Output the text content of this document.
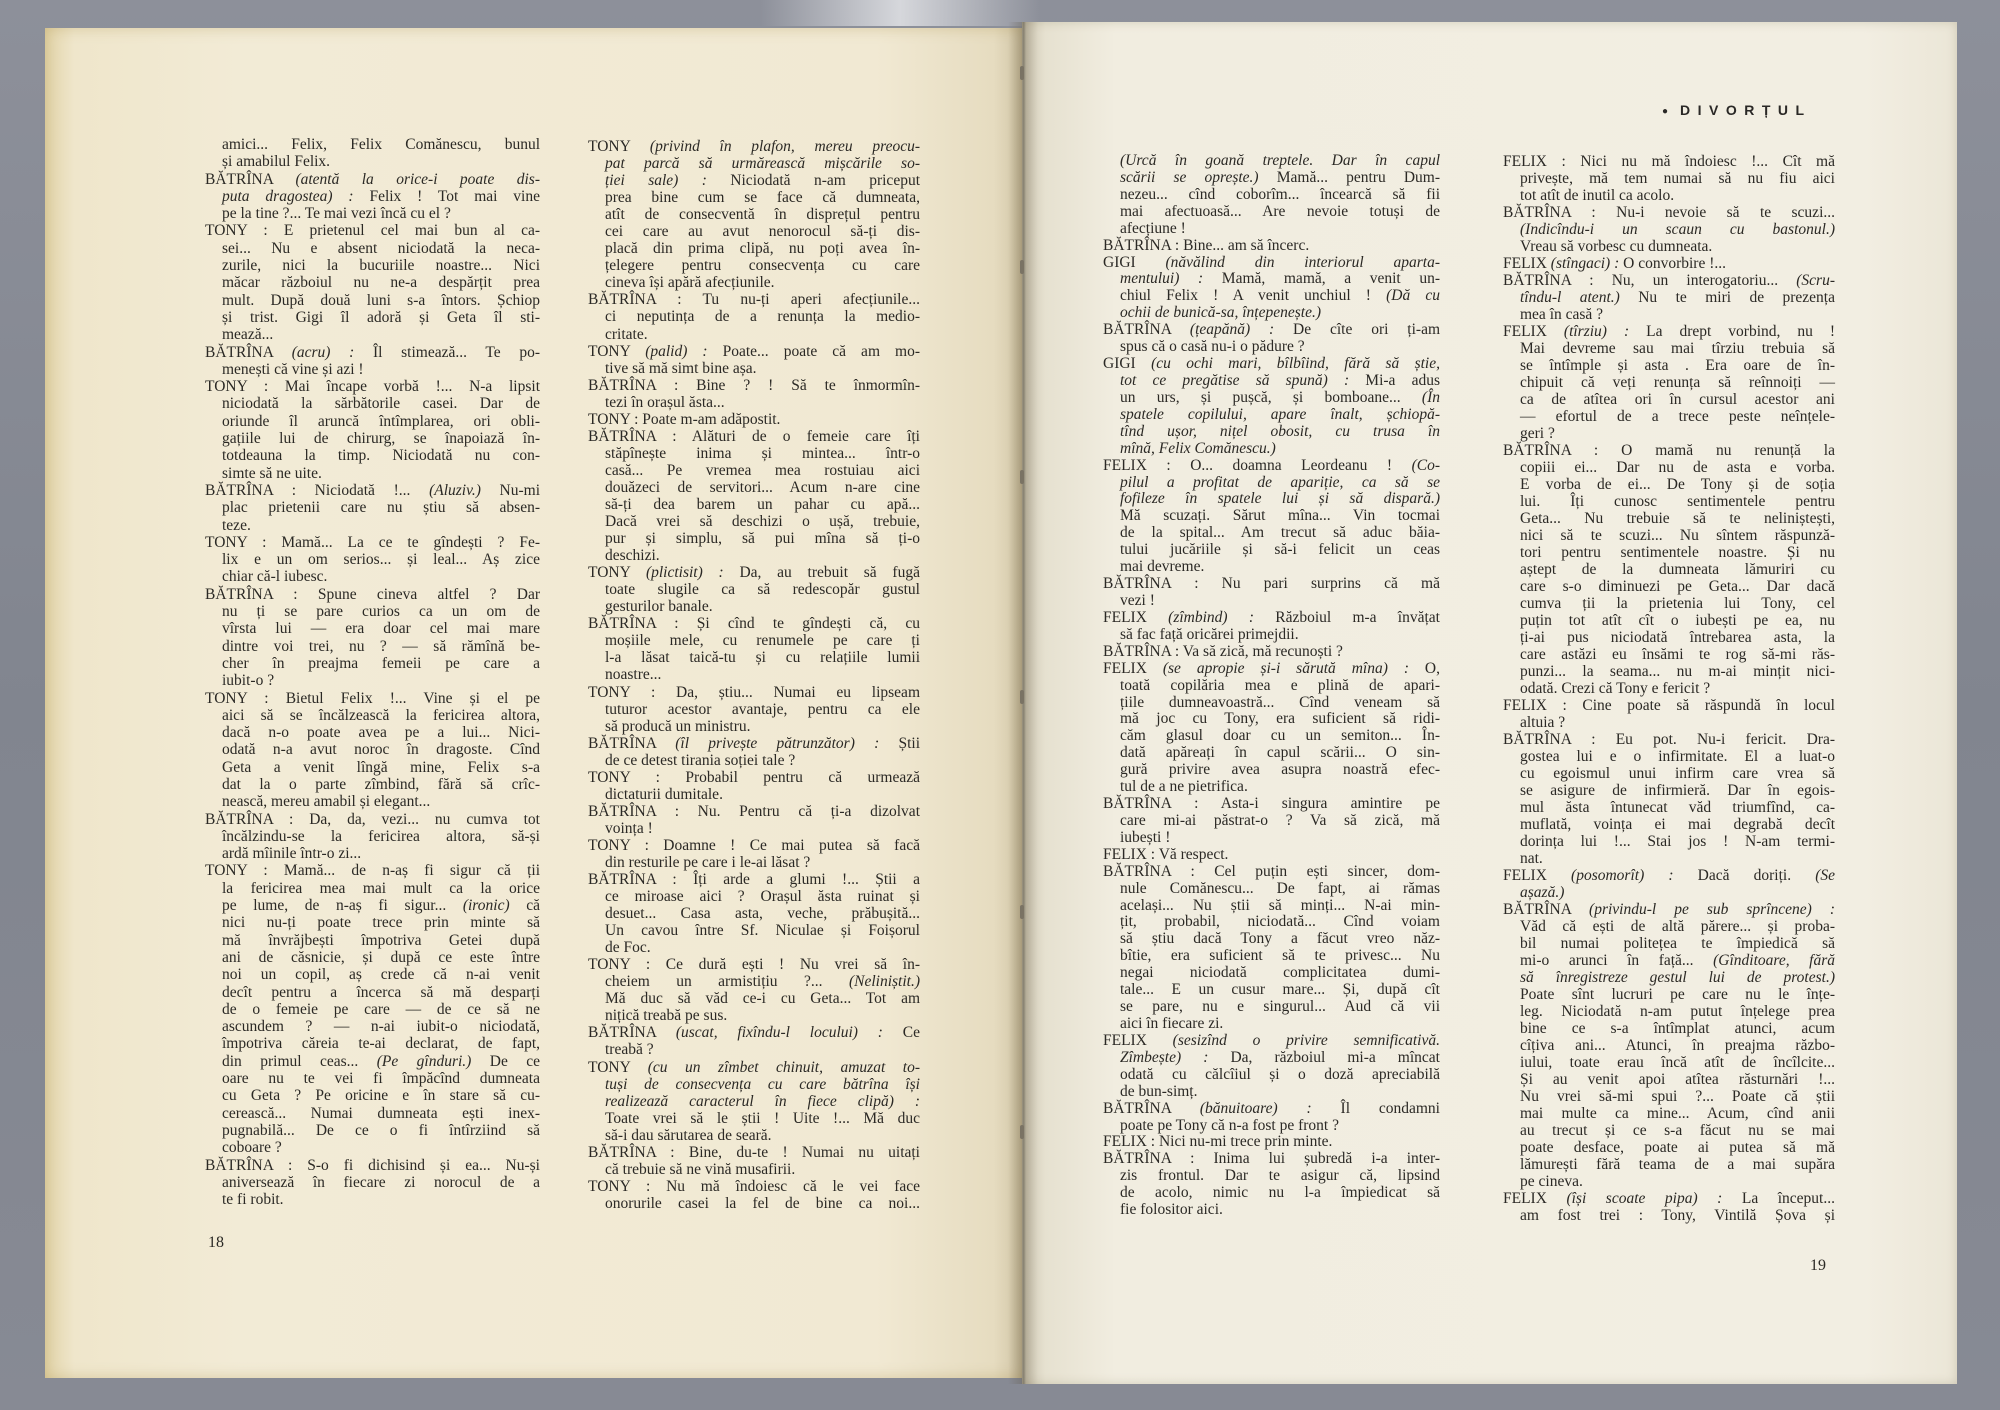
● DIVORȚUL
amici... Felix, Felix Comănescu, bunul
și amabilul Felix.
BĂTRÎNA (atentă la orice-i poate dis-
puta dragostea) : Felix ! Tot mai vine
pe la tine ?... Te mai vezi încă cu el ?
TONY : E prietenul cel mai bun al ca-
sei... Nu e absent niciodată la neca-
zurile, nici la bucuriile noastre... Nici
măcar războiul nu ne-a despărțit prea
mult. După două luni s-a întors. Șchiop
și trist. Gigi îl adoră și Geta îl sti-
mează...
BĂTRÎNA (acru) : Îl stimează... Te po-
menești că vine și azi !
TONY : Mai încape vorbă !... N-a lipsit
niciodată la sărbătorile casei. Dar de
oriunde îl aruncă întîmplarea, ori obli-
gațiile lui de chirurg, se înapoiază în-
totdeauna la timp. Niciodată nu con-
simte să ne uite.
BĂTRÎNA : Niciodată !... (Aluziv.) Nu-mi
plac prietenii care nu știu să absen-
teze.
TONY : Mamă... La ce te gîndești ? Fe-
lix e un om serios... și leal... Aș zice
chiar că-l iubesc.
BĂTRÎNA : Spune cineva altfel ? Dar
nu ți se pare curios ca un om de
vîrsta lui — era doar cel mai mare
dintre voi trei, nu ? — să rămînă be-
cher în preajma femeii pe care a
iubit-o ?
TONY : Bietul Felix !... Vine și el pe
aici să se încălzească la fericirea altora,
dacă n-o poate avea pe a lui... Nici-
odată n-a avut noroc în dragoste. Cînd
Geta a venit lîngă mine, Felix s-a
dat la o parte zîmbind, fără să crîc-
nească, mereu amabil și elegant...
BĂTRÎNA : Da, da, vezi... nu cumva tot
încălzindu-se la fericirea altora, să-și
ardă mîinile într-o zi...
TONY : Mamă... de n-aș fi sigur că ții
la fericirea mea mai mult ca la orice
pe lume, de n-aș fi sigur... (ironic) că
nici nu-ți poate trece prin minte să
mă învrăjbești împotriva Getei după
ani de căsnicie, și după ce este între
noi un copil, aș crede că n-ai venit
decît pentru a încerca să mă desparți
de o femeie pe care — de ce să ne
ascundem ? — n-ai iubit-o niciodată,
împotriva căreia te-ai declarat, de fapt,
din primul ceas... (Pe gînduri.) De ce
oare nu te vei fi împăcînd dumneata
cu Geta ? Pe oricine e în stare să cu-
cerească... Numai dumneata ești inex-
pugnabilă... De ce o fi întîrziind să
coboare ?
BĂTRÎNA : S-o fi dichisind și ea... Nu-și
aniversează în fiecare zi norocul de a
te fi robit.
TONY (privind în plafon, mereu preocu-
pat parcă să urmărească mișcările so-
ției sale) : Niciodată n-am priceput
prea bine cum se face că dumneata,
atît de consecventă în disprețul pentru
cei care au avut nenorocul să-ți dis-
placă din prima clipă, nu poți avea în-
țelegere pentru consecvența cu care
cineva își apără afecțiunile.
BĂTRÎNA : Tu nu-ți aperi afecțiunile...
ci neputința de a renunța la medio-
critate.
TONY (palid) : Poate... poate că am mo-
tive să mă simt bine așa.
BĂTRÎNA : Bine ? ! Să te înmormîn-
tezi în orașul ăsta...
TONY : Poate m-am adăpostit.
BĂTRÎNA : Alături de o femeie care îți
stăpînește inima și mintea... într-o
casă... Pe vremea mea rostuiau aici
douăzeci de servitori... Acum n-are cine
să-ți dea barem un pahar cu apă...
Dacă vrei să deschizi o ușă, trebuie,
pur și simplu, să pui mîna să ți-o
deschizi.
TONY (plictisit) : Da, au trebuit să fugă
toate slugile ca să redescopăr gustul
gesturilor banale.
BĂTRÎNA : Și cînd te gîndești că, cu
moșiile mele, cu renumele pe care ți
l-a lăsat taică-tu și cu relațiile lumii
noastre...
TONY : Da, știu... Numai eu lipseam
tuturor acestor avantaje, pentru ca ele
să producă un ministru.
BĂTRÎNA (îl privește pătrunzător) : Știi
de ce detest tirania soției tale ?
TONY : Probabil pentru că urmează
dictaturii dumitale.
BĂTRÎNA : Nu. Pentru că ți-a dizolvat
voința !
TONY : Doamne ! Ce mai putea să facă
din resturile pe care i le-ai lăsat ?
BĂTRÎNA : Îți arde a glumi !... Știi a
ce miroase aici ? Orașul ăsta ruinat și
desuet... Casa asta, veche, prăbușită...
Un cavou între Sf. Niculae și Foișorul
de Foc.
TONY : Ce dură ești ! Nu vrei să în-
cheiem un armistițiu ?... (Neliniștit.)
Mă duc să văd ce-i cu Geta... Tot am
nițică treabă pe sus.
BĂTRÎNA (uscat, fixîndu-l locului) : Ce
treabă ?
TONY (cu un zîmbet chinuit, amuzat to-
tuși de consecvența cu care bătrîna își
realizează caracterul în fiece clipă) :
Toate vrei să le știi ! Uite !... Mă duc
să-i dau sărutarea de seară.
BĂTRÎNA : Bine, du-te ! Numai nu uitați
că trebuie să ne vină musafirii.
TONY : Nu mă îndoiesc că le vei face
onorurile casei la fel de bine ca noi...
(Urcă în goană treptele. Dar în capul
scării se oprește.) Mamă... pentru Dum-
nezeu... cînd coborîm... încearcă să fii
mai afectuoasă... Are nevoie totuși de
afecțiune !
BĂTRÎNA : Bine... am să încerc.
GIGI (năvălind din interiorul aparta-
mentului) : Mamă, mamă, a venit un-
chiul Felix ! A venit unchiul ! (Dă cu
ochii de bunică-sa, înțepenește.)
BĂTRÎNA (țeapănă) : De cîte ori ți-am
spus că o casă nu-i o pădure ?
GIGI (cu ochi mari, bîlbîind, fără să știe,
tot ce pregătise să spună) : Mi-a adus
un urs, și pușcă, și bomboane... (În
spatele copilului, apare înalt, șchiopă-
tînd ușor, nițel obosit, cu trusa în
mînă, Felix Comănescu.)
FELIX : O... doamna Leordeanu ! (Co-
pilul a profitat de apariție, ca să se
fofileze în spatele lui și să dispară.)
Mă scuzați. Sărut mîna... Vin tocmai
de la spital... Am trecut să aduc băia-
tului jucăriile și să-i felicit un ceas
mai devreme.
BĂTRÎNA : Nu pari surprins că mă
vezi !
FELIX (zîmbind) : Războiul m-a învățat
să fac față oricărei primejdii.
BĂTRÎNA : Va să zică, mă recunoști ?
FELIX (se apropie și-i sărută mîna) : O,
toată copilăria mea e plină de apari-
țiile dumneavoastră... Cînd veneam să
mă joc cu Tony, era suficient să ridi-
căm glasul doar cu un semiton... În-
dată apăreați în capul scării... O sin-
gură privire avea asupra noastră efec-
tul de a ne pietrifica.
BĂTRÎNA : Asta-i singura amintire pe
care mi-ai păstrat-o ? Va să zică, mă
iubești !
FELIX : Vă respect.
BĂTRÎNA : Cel puțin ești sincer, dom-
nule Comănescu... De fapt, ai rămas
același... Nu știi să minți... N-ai min-
țit, probabil, niciodată... Cînd voiam
să știu dacă Tony a făcut vreo năz-
bîtie, era suficient să te privesc... Nu
negai niciodată complicitatea dumi-
tale... E un cusur mare... Și, după cît
se pare, nu e singurul... Aud că vii
aici în fiecare zi.
FELIX (sesizînd o privire semnificativă.
Zîmbește) : Da, războiul mi-a mîncat
odată cu călcîiul și o doză apreciabilă
de bun-simț.
BĂTRÎNA (bănuitoare) : Îl condamni
poate pe Tony că n-a fost pe front ?
FELIX : Nici nu-mi trece prin minte.
BĂTRÎNA : Inima lui șubredă i-a inter-
zis frontul. Dar te asigur că, lipsind
de acolo, nimic nu l-a împiedicat să
fie folositor aici.
FELIX : Nici nu mă îndoiesc !... Cît mă
privește, mă tem numai să nu fiu aici
tot atît de inutil ca acolo.
BĂTRÎNA : Nu-i nevoie să te scuzi...
(Indicîndu-i un scaun cu bastonul.)
Vreau să vorbesc cu dumneata.
FELIX (stîngaci) : O convorbire !...
BĂTRÎNA : Nu, un interogatoriu... (Scru-
tîndu-l atent.) Nu te miri de prezența
mea în casă ?
FELIX (tîrziu) : La drept vorbind, nu !
Mai devreme sau mai tîrziu trebuia să
se întîmple și asta . Era oare de în-
chipuit că veți renunța să reînnoiți —
ca de atîtea ori în cursul acestor ani
— efortul de a trece peste neînțele-
geri ?
BĂTRÎNA : O mamă nu renunță la
copiii ei... Dar nu de asta e vorba.
E vorba de ei... De Tony și de soția
lui. Îți cunosc sentimentele pentru
Geta... Nu trebuie să te neliniștești,
nici să te scuzi... Nu sîntem răspunză-
tori pentru sentimentele noastre. Și nu
aștept de la dumneata lămuriri cu
care s-o diminuezi pe Geta... Dar dacă
cumva ții la prietenia lui Tony, cel
puțin tot atît cît o iubești pe ea, nu
ți-ai pus niciodată întrebarea asta, la
care astăzi eu însămi te rog să-mi răs-
punzi... la seama... nu m-ai mințit nici-
odată. Crezi că Tony e fericit ?
FELIX : Cine poate să răspundă în locul
altuia ?
BĂTRÎNA : Eu pot. Nu-i fericit. Dra-
gostea lui e o infirmitate. El a luat-o
cu egoismul unui infirm care vrea să
se asigure de infirmieră. Dar în egois-
mul ăsta întunecat văd triumfînd, ca-
muflată, voința ei mai degrabă decît
dorința lui !... Stai jos ! N-am termi-
nat.
FELIX (posomorît) : Dacă doriți. (Se
așază.)
BĂTRÎNA (privindu-l pe sub sprîncene) :
Văd că ești de altă părere... și proba-
bil numai politețea te împiedică să
mi-o arunci în față... (Gînditoare, fără
să înregistreze gestul lui de protest.)
Poate sînt lucruri pe care nu le înțe-
leg. Niciodată n-am putut înțelege prea
bine ce s-a întîmplat atunci, acum
cîțiva ani... Atunci, în preajma războ-
iului, toate erau încă atît de încîlcite...
Și au venit apoi atîtea răsturnări !...
Nu vrei să-mi spui ?... Poate că știi
mai multe ca mine... Acum, cînd anii
au trecut și ce s-a făcut nu se mai
poate desface, poate ai putea să mă
lămurești fără teama de a mai supăra
pe cineva.
FELIX (își scoate pipa) : La început...
am fost trei : Tony, Vintilă Șova și
18
19
